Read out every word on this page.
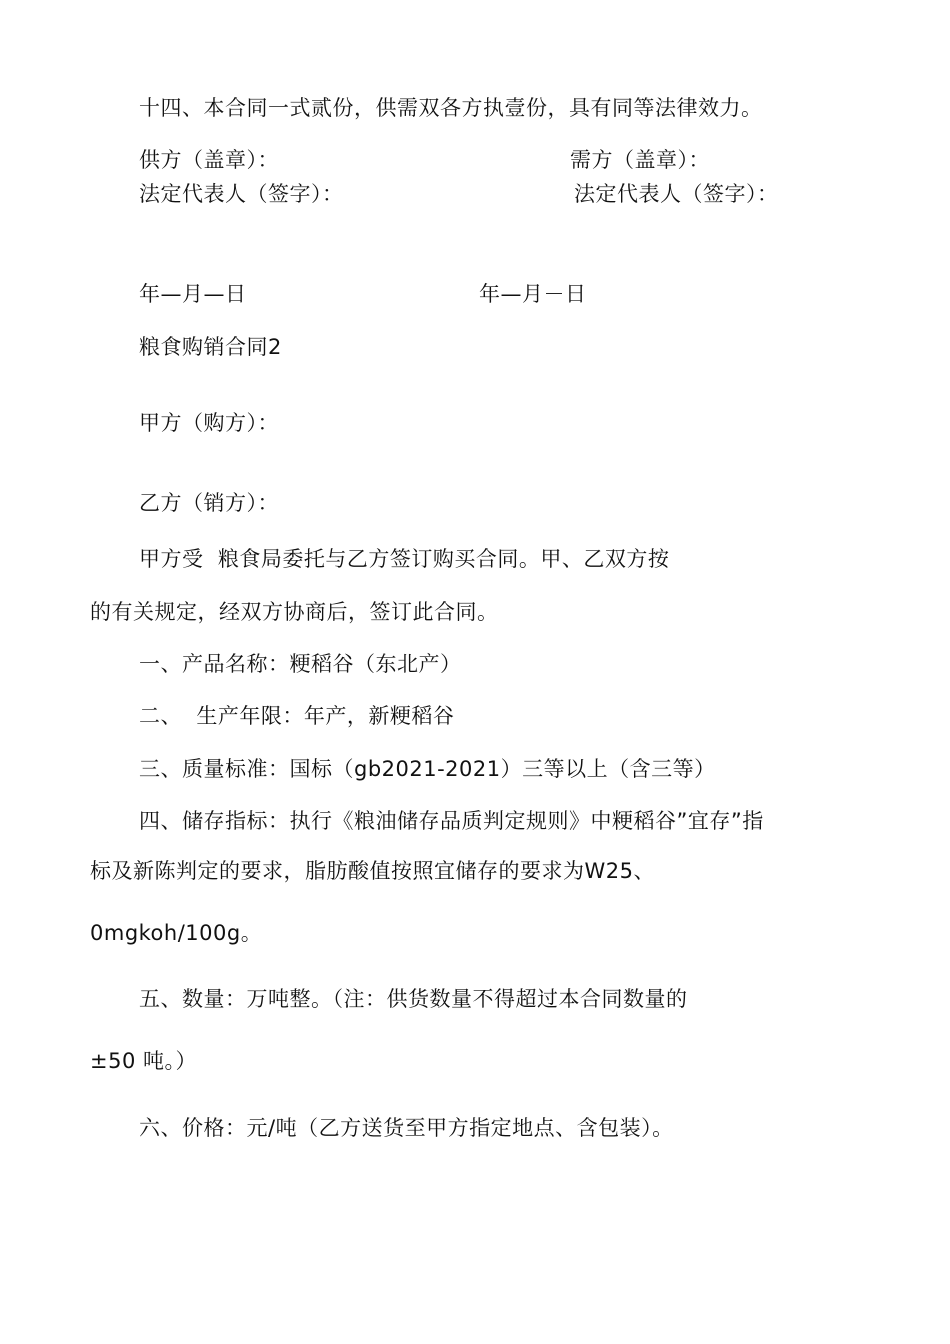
十四、本合同一式贰份，供需双各方执壹份，具有同等法律效力。
供方（盖章）：	需方（盖章）：
法定代表人（签字）：	法定代表人（签字）：
年—月—日	年—月－日
粮食购销合同2
甲方（购方）：
乙方（销方）：
甲方受  粮食局委托与乙方签订购买合同。甲、乙双方按
的有关规定，经双方协商后，签订此合同。
一、产品名称：粳稻谷（东北产）
二、  生产年限：年产，新粳稻谷
三、质量标准：国标（gb2021-2021）三等以上（含三等）
四、储存指标：执行《粮油储存品质判定规则》中粳稻谷”宜存”指
标及新陈判定的要求，脂肪酸值按照宜储存的要求为W25、
0mgkoh/100g。
五、数量：万吨整。（注：供货数量不得超过本合同数量的
±50 吨。）
六、价格：元/吨（乙方送货至甲方指定地点、含包装）。
